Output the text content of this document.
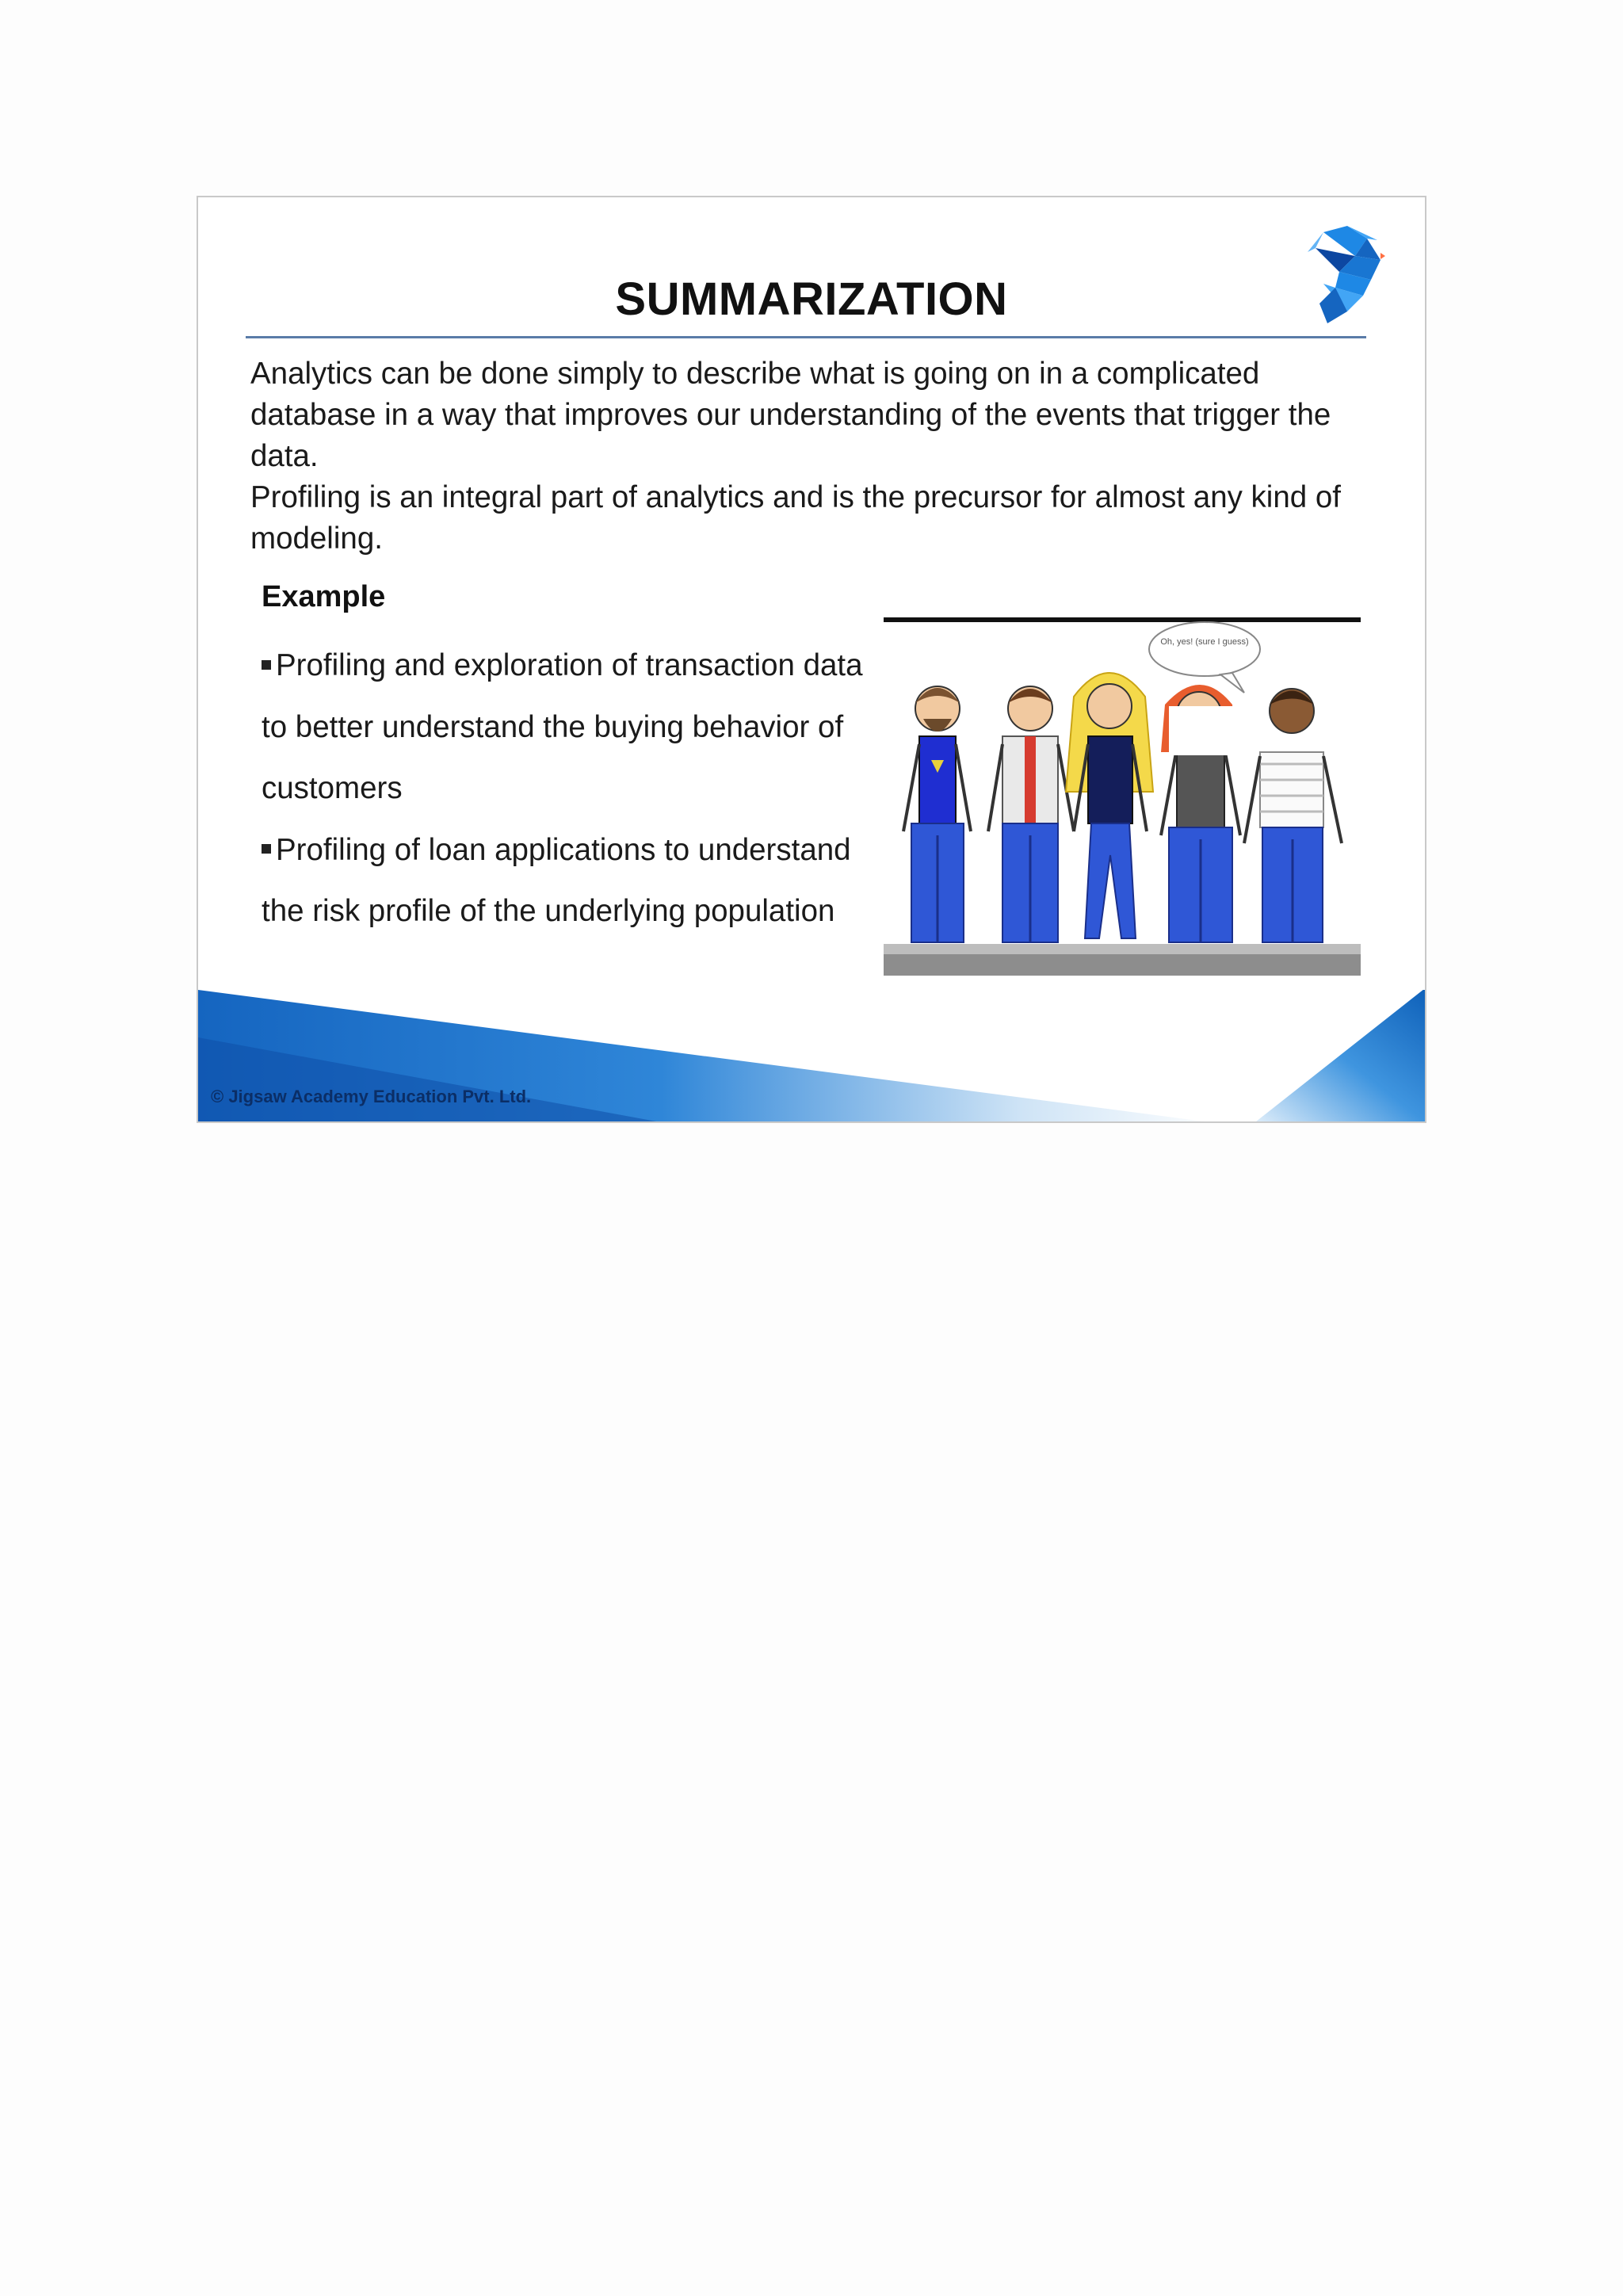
SUMMARIZATION

Analytics can be done simply to describe what is going on in a complicated database in a way that improves our understanding of the events that trigger the data.

Profiling is an integral part of analytics and is the precursor for almost any kind of modeling.

Example

Profiling and exploration of transaction data to better understand the buying behavior of customers

Profiling of loan applications to understand the risk profile of the underlying population

Oh, yes! (sure I guess)
© Jigsaw Academy Education Pvt. Ltd.
